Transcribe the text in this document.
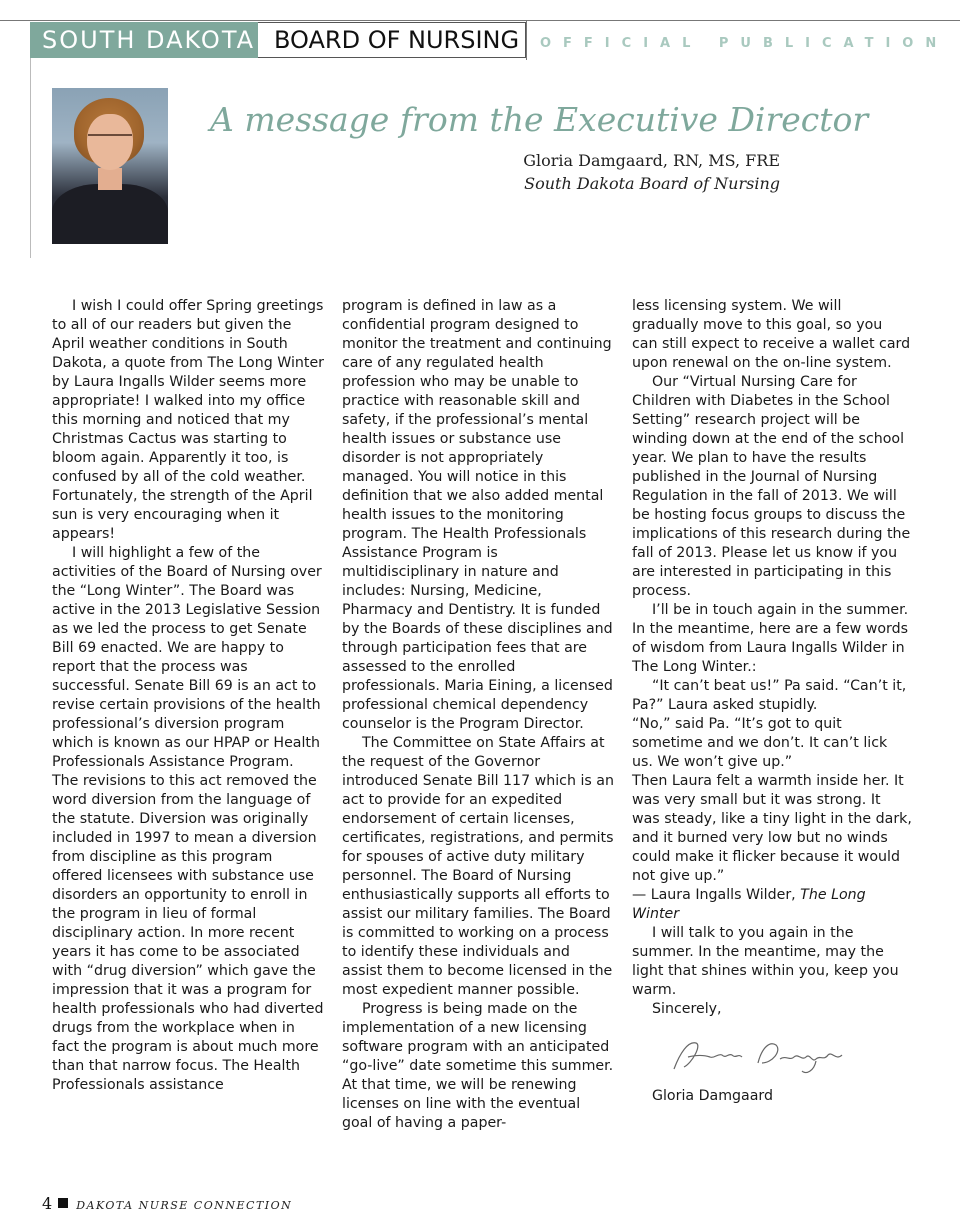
SOUTH DAKOTA BOARD OF NURSING	OFFICIAL PUBLICATION
A message from the Executive Director
Gloria Damgaard, RN, MS, FRE
South Dakota Board of Nursing

I wish I could offer Spring greetings to all of our readers but given the April weather conditions in South Dakota, a quote from The Long Winter by Laura Ingalls Wilder seems more appropriate! I walked into my office this morning and noticed that my Christmas Cactus was starting to bloom again. Apparently it too, is confused by all of the cold weather. Fortunately, the strength of the April sun is very encouraging when it appears!

I will highlight a few of the activities of the Board of Nursing over the “Long Winter”. The Board was active in the 2013 Legislative Session as we led the process to get Senate Bill 69 enacted. We are happy to report that the process was successful. Senate Bill 69 is an act to revise certain provisions of the health professional’s diversion program which is known as our HPAP or Health Professionals Assistance Program. The revisions to this act removed the word diversion from the language of the statute. Diversion was originally included in 1997 to mean a diversion from discipline as this program offered licensees with substance use disorders an opportunity to enroll in the program in lieu of formal disciplinary action. In more recent years it has come to be associated with “drug diversion” which gave the impression that it was a program for health professionals who had diverted drugs from the workplace when in fact the program is about much more than that narrow focus. The Health Professionals assistance

program is defined in law as a confidential program designed to monitor the treatment and continuing care of any regulated health profession who may be unable to practice with reasonable skill and safety, if the professional’s mental health issues or substance use disorder is not appropriately managed. You will notice in this definition that we also added mental health issues to the monitoring program. The Health Professionals Assistance Program is multidisciplinary in nature and includes: Nursing, Medicine, Pharmacy and Dentistry. It is funded by the Boards of these disciplines and through participation fees that are assessed to the enrolled professionals. Maria Eining, a licensed professional chemical dependency counselor is the Program Director.

The Committee on State Affairs at the request of the Governor introduced Senate Bill 117 which is an act to provide for an expedited endorsement of certain licenses, certificates, registrations, and permits for spouses of active duty military personnel. The Board of Nursing enthusiastically supports all efforts to assist our military families. The Board is committed to working on a process to identify these individuals and assist them to become licensed in the most expedient manner possible.

Progress is being made on the implementation of a new licensing software program with an anticipated “go-live” date sometime this summer. At that time, we will be renewing licenses on line with the eventual goal of having a paper-

less licensing system. We will gradually move to this goal, so you can still expect to receive a wallet card upon renewal on the on-line system.

Our “Virtual Nursing Care for Children with Diabetes in the School Setting” research project will be winding down at the end of the school year. We plan to have the results published in the Journal of Nursing Regulation in the fall of 2013. We will be hosting focus groups to discuss the implications of this research during the fall of 2013. Please let us know if you are interested in participating in this process.

I’ll be in touch again in the summer. In the meantime, here are a few words of wisdom from Laura Ingalls Wilder in The Long Winter.:

“It can’t beat us!” Pa said. “Can’t it, Pa?” Laura asked stupidly.

“No,” said Pa. “It’s got to quit sometime and we don’t. It can’t lick us. We won’t give up.”

Then Laura felt a warmth inside her. It was very small but it was strong. It was steady, like a tiny light in the dark, and it burned very low but no winds could make it flicker because it would not give up.”

— Laura Ingalls Wilder, The Long Winter

I will talk to you again in the summer. In the meantime, may the light that shines within you, keep you warm.

Sincerely,

Gloria Damgaard

4 DAKOTA NURSE CONNECTION
